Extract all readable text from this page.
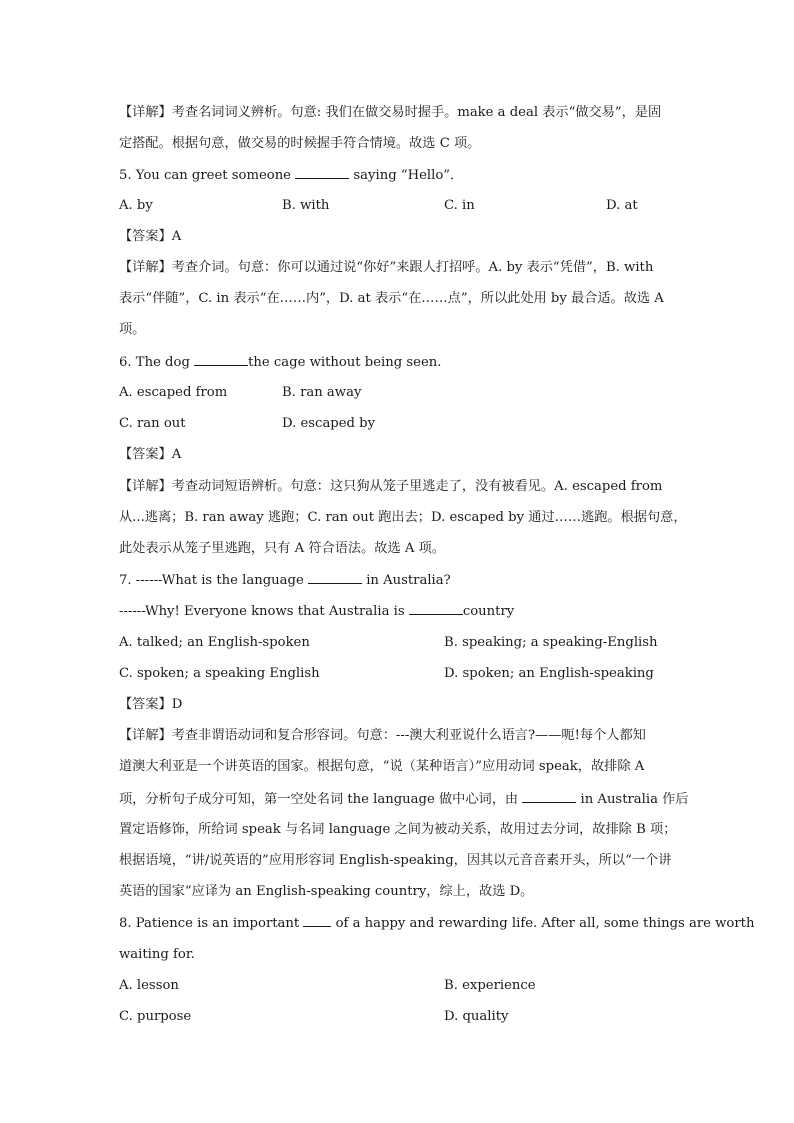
【详解】考查名词词义辨析。句意: 我们在做交易时握手。make a deal 表示“做交易”，是固
定搭配。根据句意，做交易的时候握手符合情境。故选 C 项。
5. You can greet someone	saying “Hello”．
A. by	B. with	C. in	D. at
【答案】A
【详解】考查介词。句意：你可以通过说“你好”来跟人打招呼。A. by 表示“凭借”，B. with
表示“伴随”，C. in 表示“在……内”，D. at 表示“在……点”，所以此处用 by 最合适。故选 A
项。
6. The dog	the cage without being seen.
A. escaped from	B. ran away
C. ran out	D. escaped by
【答案】A
【详解】考查动词短语辨析。句意：这只狗从笼子里逃走了，没有被看见。A. escaped from
从...逃离；B. ran away 逃跑；C. ran out 跑出去；D. escaped by 通过……逃跑。根据句意，
此处表示从笼子里逃跑，只有 A 符合语法。故选 A 项。
7. ------What is the language	in Australia?
------Why! Everyone knows that Australia is	country
A. talked; an English-spoken	B. speaking; a speaking-English
C. spoken; a speaking English	D. spoken; an English-speaking
【答案】D
【详解】考查非谓语动词和复合形容词。句意：---澳大利亚说什么语言?——呃!每个人都知
道澳大利亚是一个讲英语的国家。根据句意，“说（某种语言）”应用动词 speak，故排除 A
项，分析句子成分可知，第一空处名词 the language 做中心词，由	in Australia 作后
置定语修饰，所给词 speak 与名词 language 之间为被动关系，故用过去分词，故排除 B 项；
根据语境，“讲/说英语的”应用形容词 English-speaking，因其以元音音素开头，所以“一个讲
英语的国家”应译为 an English-speaking country，综上，故选 D。
8. Patience is an important	of a happy and rewarding life. After all, some things are worth
waiting for.
A. lesson	B. experience
C. purpose	D. quality
